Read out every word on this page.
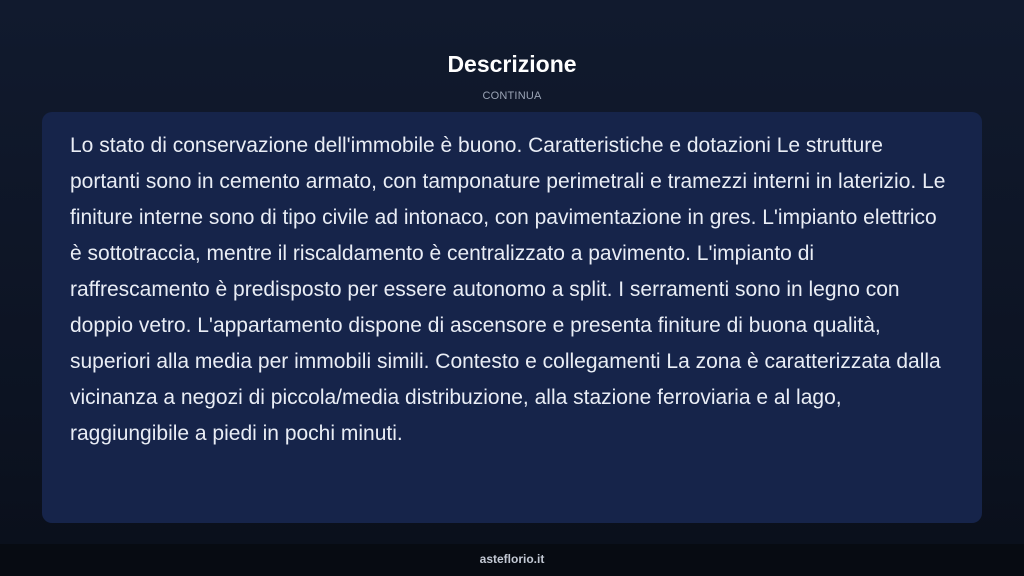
Descrizione
CONTINUA

Lo stato di conservazione dell'immobile è buono. Caratteristiche e dotazioni Le strutture portanti sono in cemento armato, con tamponature perimetrali e tramezzi interni in laterizio. Le finiture interne sono di tipo civile ad intonaco, con pavimentazione in gres. L'impianto elettrico è sottotraccia, mentre il riscaldamento è centralizzato a pavimento. L'impianto di raffrescamento è predisposto per essere autonomo a split. I serramenti sono in legno con doppio vetro. L'appartamento dispone di ascensore e presenta finiture di buona qualità, superiori alla media per immobili simili. Contesto e collegamenti La zona è caratterizzata dalla vicinanza a negozi di piccola/media distribuzione, alla stazione ferroviaria e al lago, raggiungibile a piedi in pochi minuti.

asteflorio.it
